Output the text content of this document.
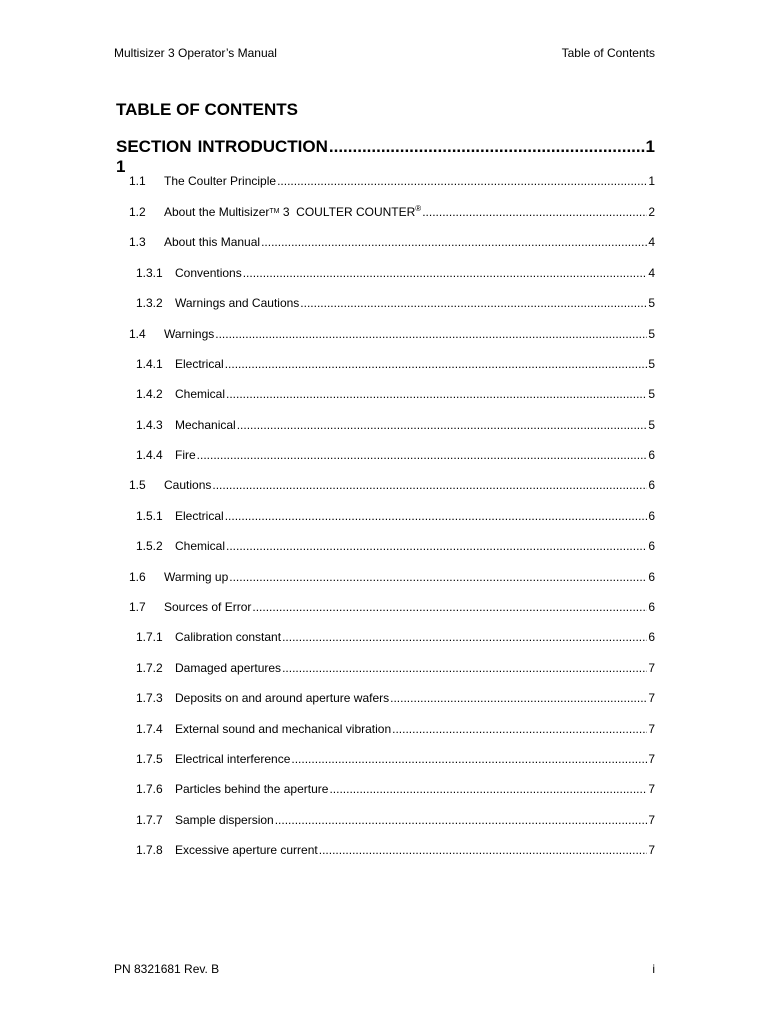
Multisizer 3 Operator’s Manual	Table of Contents
TABLE OF CONTENTS
SECTION 1
INTRODUCTION .....	1
1.1	The Coulter Principle .....	1
1.2	About the Multisizer™ 3  COULTER COUNTER® .....	2
1.3	About this Manual .....	4
1.3.1	Conventions .....	4
1.3.2	Warnings and Cautions .....	5
1.4	Warnings .....	5
1.4.1	Electrical .....	5
1.4.2	Chemical .....	5
1.4.3	Mechanical .....	5
1.4.4	Fire .....	6
1.5	Cautions .....	6
1.5.1	Electrical .....	6
1.5.2	Chemical .....	6
1.6	Warming up .....	6
1.7	Sources of Error .....	6
1.7.1	Calibration constant .....	6
1.7.2	Damaged apertures .....	7
1.7.3	Deposits on and around aperture wafers .....	7
1.7.4	External sound and mechanical vibration .....	7
1.7.5	Electrical interference .....	7
1.7.6	Particles behind the aperture .....	7
1.7.7	Sample dispersion .....	7
1.7.8	Excessive aperture current .....	7
PN 8321681 Rev. B	i
